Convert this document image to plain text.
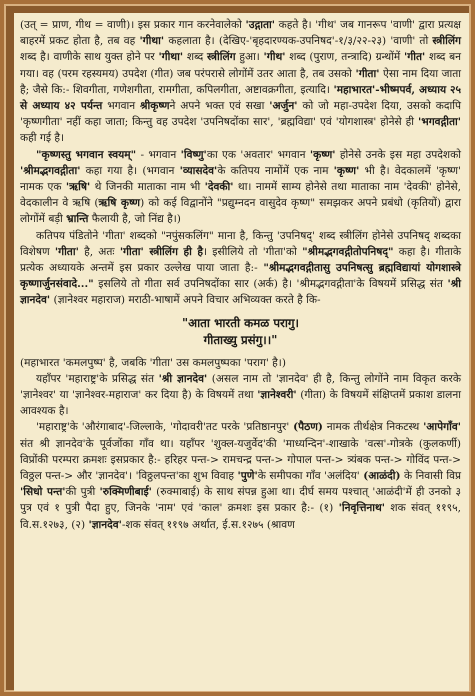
(उत् = प्राण, गीथ = वाणी)। इस प्रकार गान करनेवालेको 'उद्गाता' कहते है। 'गीथ' जब गानरूप 'वाणी' द्वारा प्रत्यक्ष बाहरमें प्रकट होता है, तब वह 'गीथा' कहलाता है। (देखिए-'बृहदारण्यक-उपनिषद'-१/३/२२-२३) 'वाणी' तो स्त्रीलिंग शब्द है। वाणीके साथ युक्त होने पर 'गीथा' शब्द स्त्रीलिंग हुआ। 'गीथ' शब्द (पुराण, तन्त्रादि) ग्रन्थोंमें 'गीत' शब्द बन गया। वह (परम रहस्यमय) उपदेश (गीत) जब परंपरासे लोगोंमें उतर आता है, तब उसको 'गीता' ऐसा नाम दिया जाता है; जैसे कि:- शिवगीता, गणेशगीता, रामगीता, कपिलगीता, अष्टावक्रगीता, इत्यादि। 'महाभारत'-भीष्मपर्व, अध्याय २५ से अध्याय ४२ पर्यन्त भगवान श्रीकृष्णने अपने भक्त एवं सखा 'अर्जुन' को जो महा-उपदेश दिया, उसको कदापि 'कृष्णगीता' नहीं कहा जाता; किन्तु वह उपदेश 'उपनिषदोंका सार', 'ब्रह्मविद्या' एवं 'योगशास्त्र' होनेसे ही 'भगवद्गीता' कही गई है।

"कृष्णस्तु भगवान स्वयम्" - भगवान 'विष्णु'का एक 'अवतार' भगवान 'कृष्ण' होनेसे उनके इस महा उपदेशको 'श्रीमद्भगवद्गीता' कहा गया है। (भगवान 'व्यासदेव'के कतिपय नामोंमें एक नाम 'कृष्ण' भी है। वेदकालमें 'कृष्ण' नामक एक 'ऋषि' थे जिनकी माताका नाम भी 'देवकी' था। नाममें साम्य होनेसे तथा माताका नाम 'देवकी' होनेसे, वेदकालीन वे ऋषि (ऋषि कृष्ण) को कई विद्वानोंने "प्रद्युम्नदन वासुदेव कृष्ण" समझकर अपने प्रबंधो (कृतियों) द्वारा लोगोंमें बड़ी भ्रान्ति फैलायी है, जो निंद्य है।)

कतिपय पंडितोने 'गीता' शब्दको "नपुंसकलिंग" माना है, किन्तु 'उपनिषद्' शब्द स्त्रीलिंग होनेसे उपनिषद् शब्दका विशेषण 'गीता' है, अतः 'गीता' स्त्रीलिंग ही है। इसीलिये तो 'गीता'को "श्रीमद्भगवद्गीतोपनिषद्" कहा है। गीताके प्रत्येक अध्यायके अन्तमें इस प्रकार उल्लेख पाया जाता है:- "श्रीमद्भगवद्गीतासु उपनिषत्सु ब्रह्मविद्यायां योगशास्त्रे कृष्णार्जुनसंवादे..." इसलिये तो गीता सर्व उपनिषदोंका सार (अर्क) है। 'श्रीमद्भगवद्गीता'के विषयमें प्रसिद्ध संत 'श्री ज्ञानदेव' (ज्ञानेश्वर महाराज) मराठी-भाषामें अपने विचार अभिव्यक्त करते है कि-

"आता भारती कमळ परागु।
गीताख्यु प्रसंगु।।"

(महाभारत 'कमलपुष्प' है, जबकि 'गीता' उस कमलपुष्पका 'पराग' है।)

यहाँपर 'महाराष्ट्र'के प्रसिद्ध संत 'श्री ज्ञानदेव' (असल नाम तो 'ज्ञानदेव' ही है, किन्तु लोगोंने नाम विकृत करके 'ज्ञानेश्वर' या 'ज्ञानेश्वर-महाराज' कर दिया है) के विषयमें तथा 'ज्ञानेश्वरी' (गीता) के विषयमें संक्षिप्तमें प्रकाश डालना आवश्यक है।

'महाराष्ट्र'के 'औरंगाबाद'-जिल्लाके, 'गोदावरी'तट परके 'प्रतिष्ठानपुर' (पैठण) नामक तीर्थक्षेत्र निकटस्थ 'आपेगाँव' संत श्री ज्ञानदेव'के पूर्वजोंका गाँव था। यहाँपर 'शुक्ल-यजुर्वेद'की 'माध्यन्दिन'-शाखाके 'वत्स'-गोत्रके (कुलकर्णी) विप्रोंकी परम्परा क्रमशः इसप्रकार है:- हरिहर पन्त-> रामचन्द्र पन्त-> गोपाल पन्त-> त्र्यंबक पन्त-> गोविंद पन्त-> विठ्ठल पन्त-> और 'ज्ञानदेव'। 'विठ्ठलपन्त'का शुभ विवाह 'पुणे'के समीपका गाँव 'अलंदिय' (आळंदी) के निवासी विप्र 'सिधो पन्त'की पुत्री 'रुक्मिणीबाई' (रुक्माबाई) के साथ संपन्न हुआ था। दीर्घ समय पश्चात् 'आळंदी'में ही उनको ३ पुत्र एवं १ पुत्री पैदा हुए, जिनके 'नाम' एवं 'काल' क्रमशः इस प्रकार है:- (१) 'निवृत्तिनाथ' शक संवत् ११९५, वि.स.१२७३, (२) 'ज्ञानदेव'-शक संवत् ११९७ अर्थात, ई.स.१२७५ (श्रावण
